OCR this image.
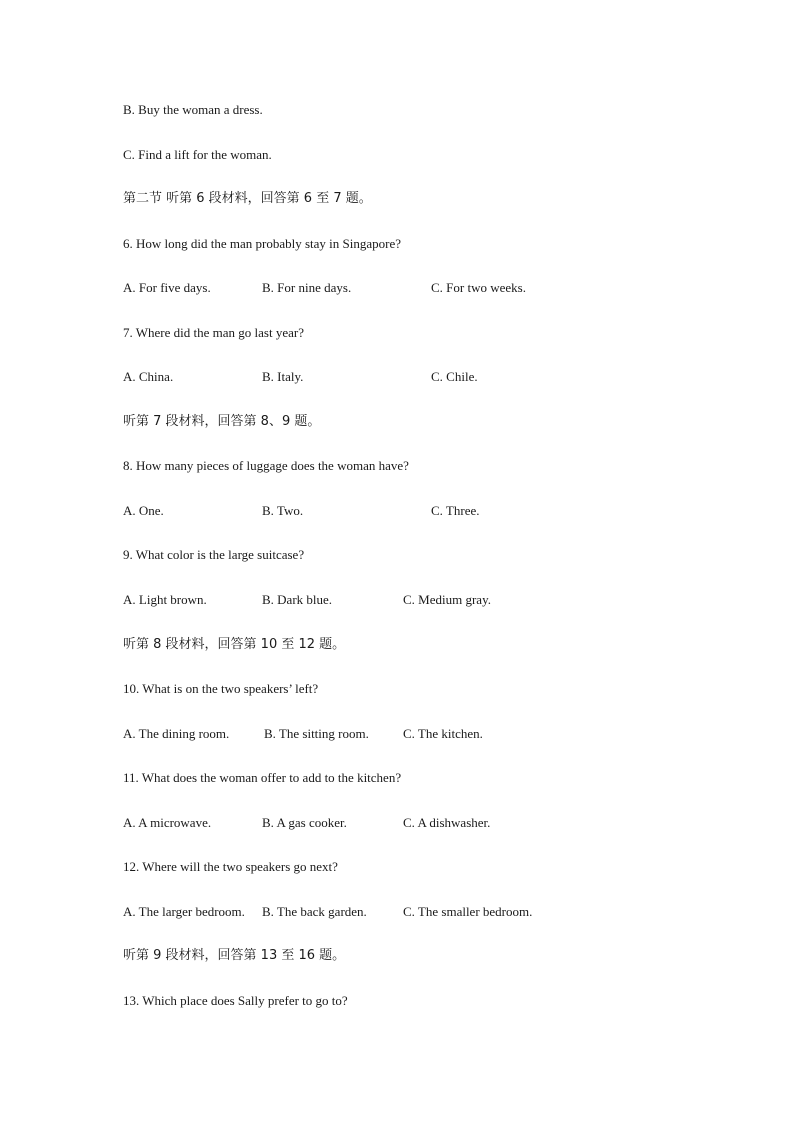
B. Buy the woman a dress.
C. Find a lift for the woman.
第二节 听第 6 段材料，回答第 6 至 7 题。
6. How long did the man probably stay in Singapore?
A. For five days.	B. For nine days.	C. For two weeks.
7. Where did the man go last year?
A. China.	B. Italy.	C. Chile.
听第 7 段材料，回答第 8、9 题。
8. How many pieces of luggage does the woman have?
A. One.	B. Two.	C. Three.
9. What color is the large suitcase?
A. Light brown.	B. Dark blue.	C. Medium gray.
听第 8 段材料，回答第 10 至 12 题。
10. What is on the two speakers’ left?
A. The dining room.	B. The sitting room.	C. The kitchen.
11. What does the woman offer to add to the kitchen?
A. A microwave.	B. A gas cooker.	C. A dishwasher.
12. Where will the two speakers go next?
A. The larger bedroom. B. The back garden.	C. The smaller bedroom.
听第 9 段材料，回答第 13 至 16 题。
13. Which place does Sally prefer to go to?
